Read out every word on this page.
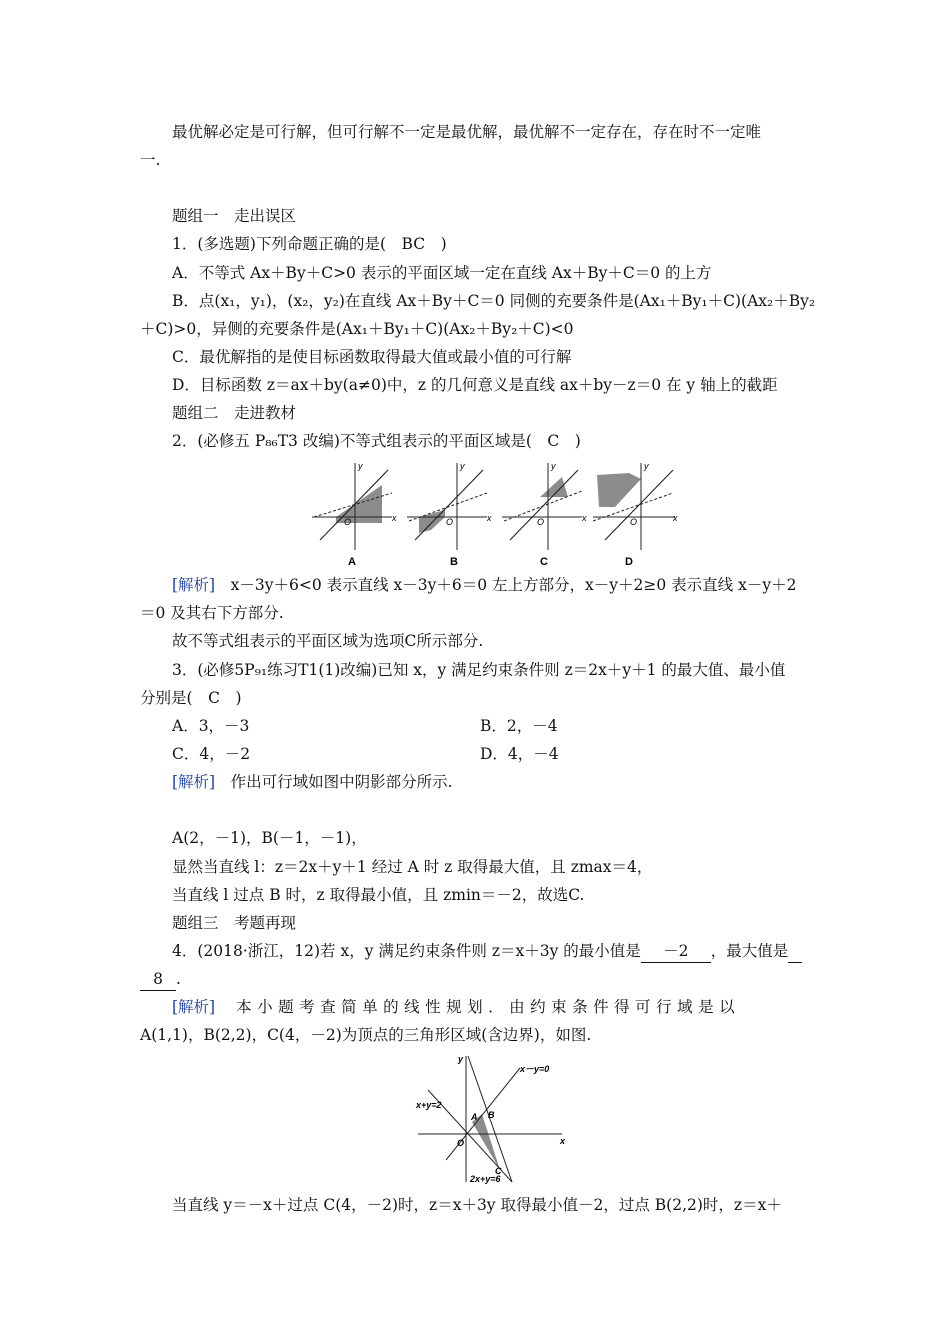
最优解必定是可行解，但可行解不一定是最优解，最优解不一定存在，存在时不一定唯
一.
题组一　走出误区
1．(多选题)下列命题正确的是(　BC　)
A．不等式 Ax＋By＋C>0 表示的平面区域一定在直线 Ax＋By＋C＝0 的上方
B．点(x₁，y₁)，(x₂，y₂)在直线 Ax＋By＋C＝0 同侧的充要条件是(Ax₁＋By₁＋C)(Ax₂＋By₂
＋C)>0，异侧的充要条件是(Ax₁＋By₁＋C)(Ax₂＋By₂＋C)<0
C．最优解指的是使目标函数取得最大值或最小值的可行解
D．目标函数 z＝ax＋by(a≠0)中，z 的几何意义是直线 ax＋by－z＝0 在 y 轴上的截距
题组二　走进教材
2．(必修五 P₈₆T3 改编)不等式组表示的平面区域是(　C　)
y
x
O
A
y
x
O
B
y
x
O
C
y
x
O
D
[解析]　x－3y＋6<0 表示直线 x－3y＋6＝0 左上方部分，x－y＋2≥0 表示直线 x－y＋2
＝0 及其右下方部分.
故不等式组表示的平面区域为选项C所示部分.
3．(必修5P₉₁练习T1(1)改编)已知 x，y 满足约束条件则 z＝2x＋y＋1 的最大值、最小值
分别是(　C　)
A．3，－3	B．2，－4
C．4，－2	D．4，－4
[解析]　作出可行域如图中阴影部分所示.
A(2，－1)，B(－1，－1)，
显然当直线 l：z＝2x＋y＋1 经过 A 时 z 取得最大值，且 zmax＝4，
当直线 l 过点 B 时，z 取得最小值，且 zmin＝－2，故选C.
题组三　考题再现
4．(2018·浙江，12)若 x，y 满足约束条件则 z＝x＋3y 的最小值是 －2 ，最大值是
8 .
[解析]　本小题考查简单的线性规划．由约束条件得可行域是以
A(1,1)，B(2,2)，C(4，－2)为顶点的三角形区域(含边界)，如图.
y
x
x－y=0
x+y=2
2x+y=6
A B
C
O
当直线 y＝－x＋过点 C(4，－2)时，z＝x＋3y 取得最小值－2，过点 B(2,2)时，z＝x＋
